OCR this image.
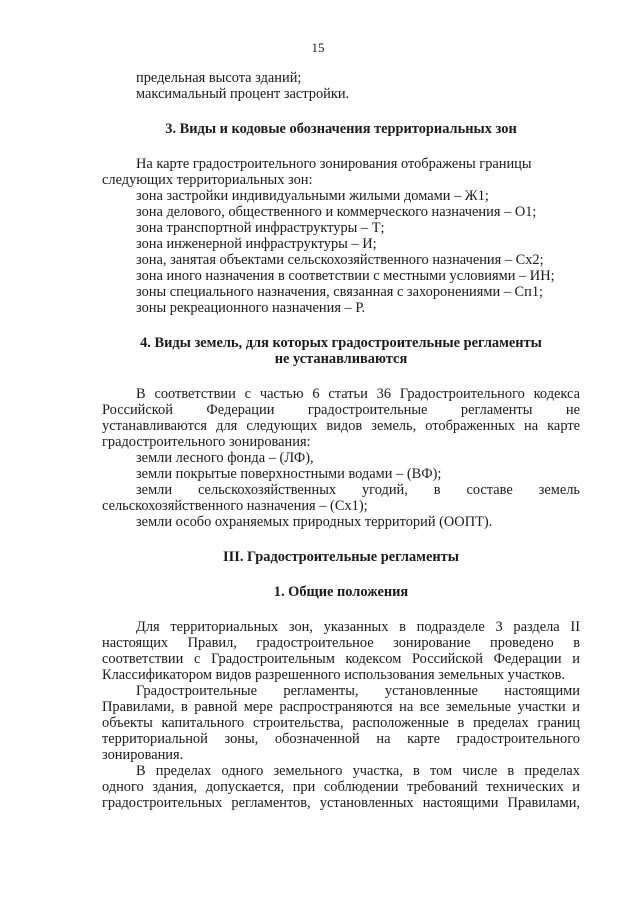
15
предельная высота зданий;
максимальный процент застройки.
3. Виды и кодовые обозначения территориальных зон
На карте градостроительного зонирования отображены границы
следующих территориальных зон:
зона застройки индивидуальными жилыми домами – Ж1;
зона делового, общественного и коммерческого назначения – О1;
зона транспортной инфраструктуры – Т;
зона инженерной инфраструктуры – И;
зона, занятая объектами сельскохозяйственного назначения – Сх2;
зона иного назначения в соответствии с местными условиями – ИН;
зоны специального назначения, связанная с захоронениями – Сп1;
зоны рекреационного назначения – Р.
4. Виды земель, для которых градостроительные регламенты
не устанавливаются
В соответствии с частью 6 статьи 36 Градостроительного кодекса
Российской Федерации градостроительные регламенты не
устанавливаются для следующих видов земель, отображенных на карте
градостроительного зонирования:
земли лесного фонда – (ЛФ),
земли покрытые поверхностными водами – (ВФ);
земли сельскохозяйственных угодий, в составе земель
сельскохозяйственного назначения – (Сх1);
земли особо охраняемых природных территорий (ООПТ).
III. Градостроительные регламенты
1. Общие положения
Для территориальных зон, указанных в подразделе 3 раздела II
настоящих Правил, градостроительное зонирование проведено в
соответствии с Градостроительным кодексом Российской Федерации и
Классификатором видов разрешенного использования земельных участков.
Градостроительные регламенты, установленные настоящими
Правилами, в равной мере распространяются на все земельные участки и
объекты капитального строительства, расположенные в пределах границ
территориальной зоны, обозначенной на карте градостроительного
зонирования.
В пределах одного земельного участка, в том числе в пределах
одного здания, допускается, при соблюдении требований технических и
градостроительных регламентов, установленных настоящими Правилами,
